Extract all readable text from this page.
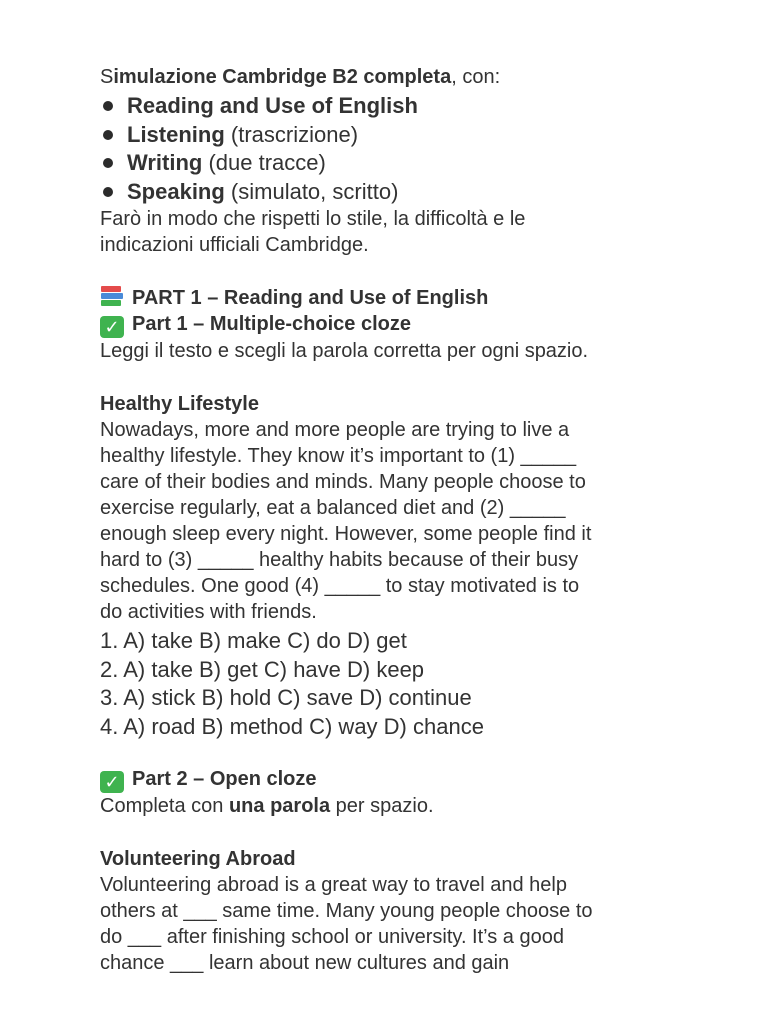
Simulazione Cambridge B2 completa, con:

Reading and Use of English
Listening (trascrizione)
Writing (due tracce)
Speaking (simulato, scritto)

Farò in modo che rispetti lo stile, la difficoltà e le

indicazioni ufficiali Cambridge.

PART 1 – Reading and Use of English

✓ Part 1 – Multiple-choice cloze

Leggi il testo e scegli la parola corretta per ogni spazio.

Healthy Lifestyle

Nowadays, more and more people are trying to live a

healthy lifestyle. They know it’s important to (1) _____

care of their bodies and minds. Many people choose to

exercise regularly, eat a balanced diet and (2) _____

enough sleep every night. However, some people find it

hard to (3) _____ healthy habits because of their busy

schedules. One good (4) _____ to stay motivated is to

do activities with friends.

1. A) take B) make C) do D) get
2. A) take B) get C) have D) keep
3. A) stick B) hold C) save D) continue
4. A) road B) method C) way D) chance

✓ Part 2 – Open cloze

Completa con una parola per spazio.

Volunteering Abroad

Volunteering abroad is a great way to travel and help

others at ___ same time. Many young people choose to

do ___ after finishing school or university. It’s a good

chance ___ learn about new cultures and gain
